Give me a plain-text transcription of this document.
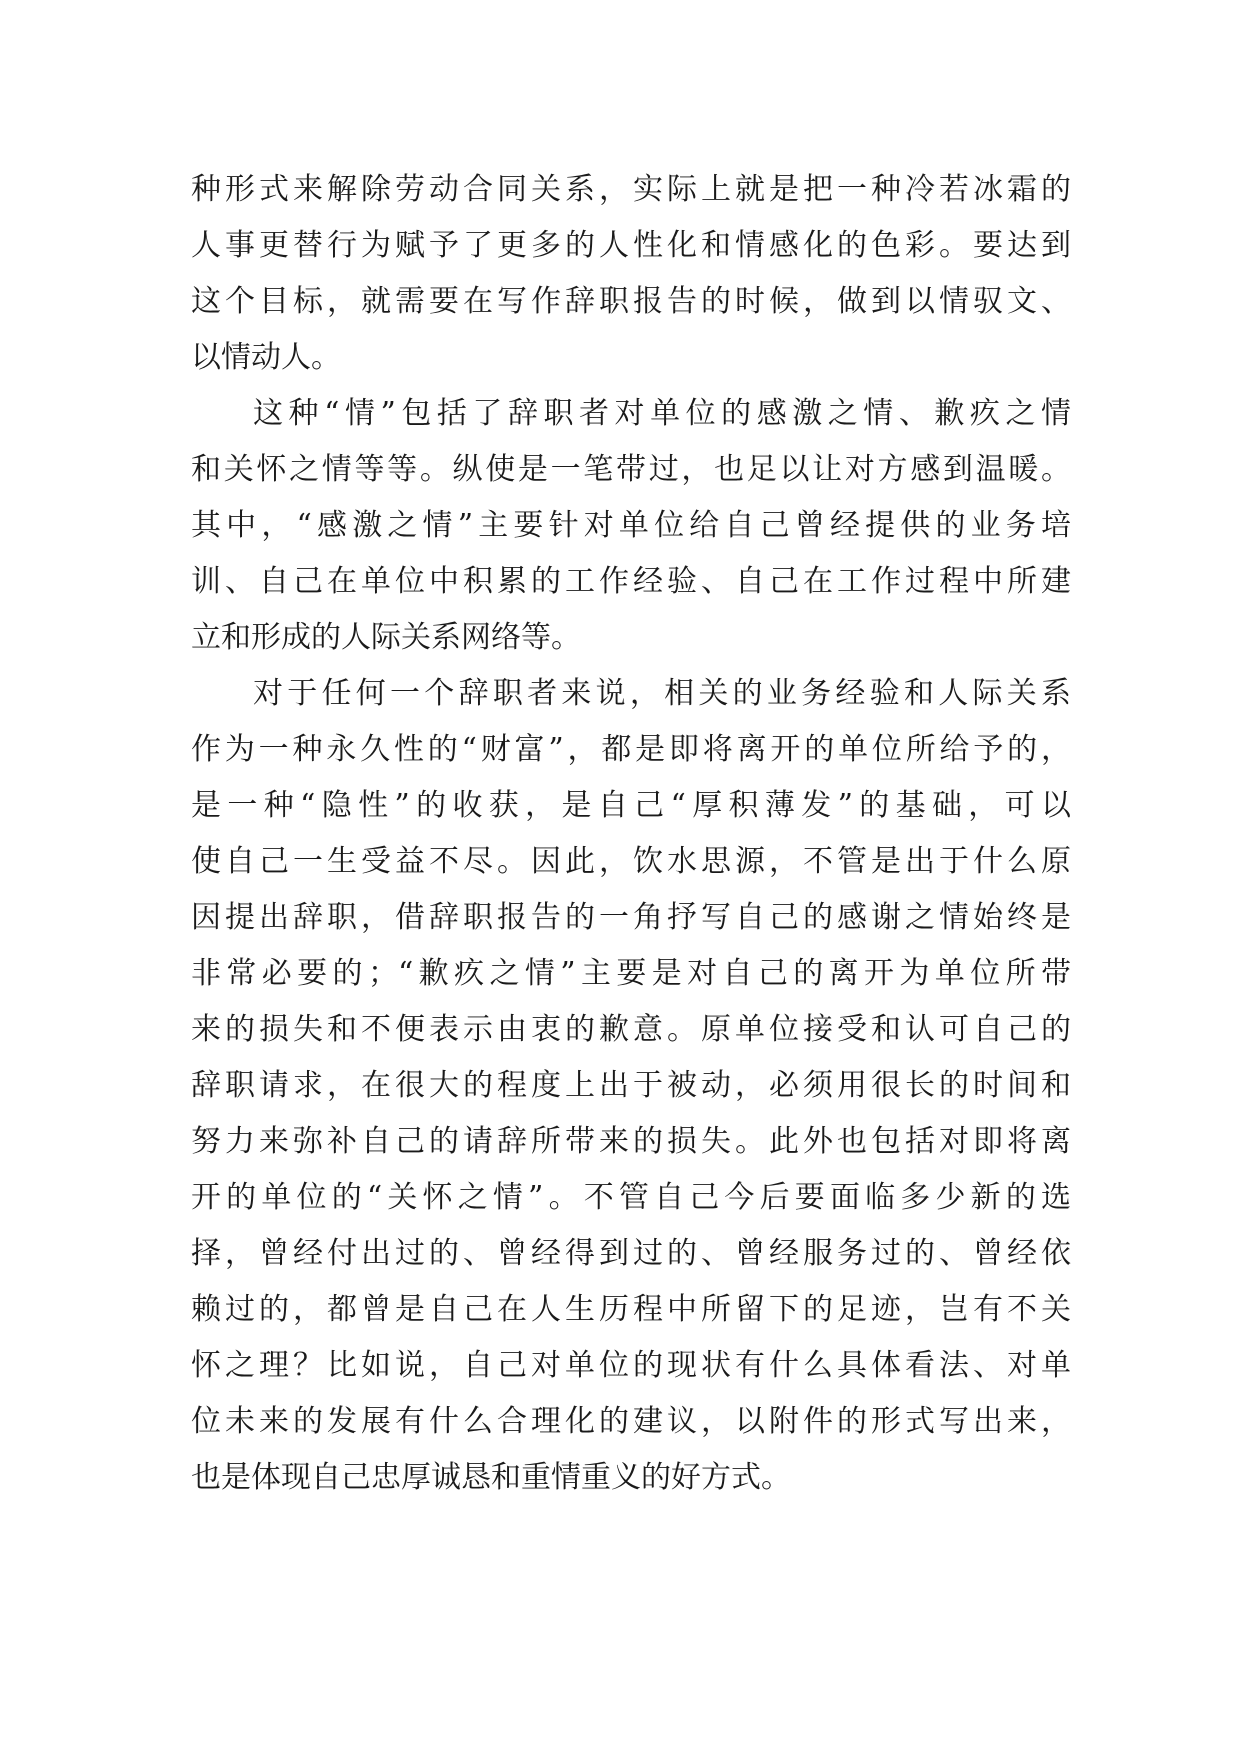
种形式来解除劳动合同关系，实际上就是把一种冷若冰霜的
人事更替行为赋予了更多的人性化和情感化的色彩。要达到
这个目标，就需要在写作辞职报告的时候，做到以情驭文、
以情动人。
这种“情”包括了辞职者对单位的感激之情、歉疚之情
和关怀之情等等。纵使是一笔带过，也足以让对方感到温暖。
其中，“感激之情”主要针对单位给自己曾经提供的业务培
训、自己在单位中积累的工作经验、自己在工作过程中所建
立和形成的人际关系网络等。
对于任何一个辞职者来说，相关的业务经验和人际关系
作为一种永久性的“财富”，都是即将离开的单位所给予的，
是一种“隐性”的收获，是自己“厚积薄发”的基础，可以
使自己一生受益不尽。因此，饮水思源，不管是出于什么原
因提出辞职，借辞职报告的一角抒写自己的感谢之情始终是
非常必要的；“歉疚之情”主要是对自己的离开为单位所带
来的损失和不便表示由衷的歉意。原单位接受和认可自己的
辞职请求，在很大的程度上出于被动，必须用很长的时间和
努力来弥补自己的请辞所带来的损失。此外也包括对即将离
开的单位的“关怀之情”。不管自己今后要面临多少新的选
择，曾经付出过的、曾经得到过的、曾经服务过的、曾经依
赖过的，都曾是自己在人生历程中所留下的足迹，岂有不关
怀之理？比如说，自己对单位的现状有什么具体看法、对单
位未来的发展有什么合理化的建议，以附件的形式写出来，
也是体现自己忠厚诚恳和重情重义的好方式。
